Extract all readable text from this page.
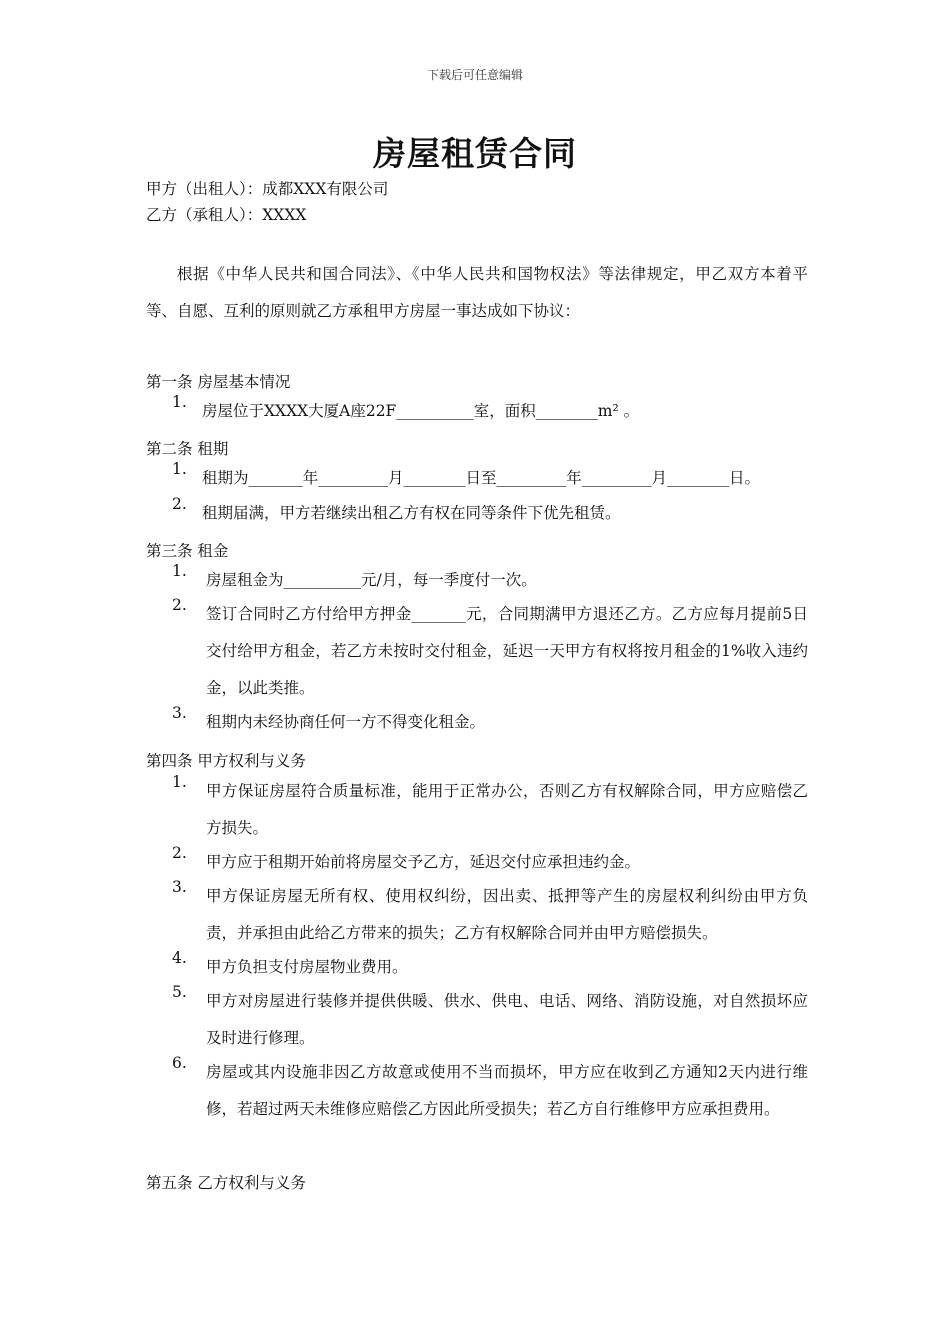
下载后可任意编辑
房屋租赁合同
甲方（出租人）：成都XXX有限公司
乙方（承租人）：XXXX
根据《中华人民共和国合同法》、《中华人民共和国物权法》等法律规定，甲乙双方本着平等、自愿、互利的原则就乙方承租甲方房屋一事达成如下协议：
第一条 房屋基本情况
1. 房屋位于XXXX大厦A座22F__________室，面积________m² 。
第二条 租期
1. 租期为_______年_________月________日至_________年_________月________日。
2. 租期届满，甲方若继续出租乙方有权在同等条件下优先租赁。
第三条 租金
1.	房屋租金为__________元/月，每一季度付一次。
2.	签订合同时乙方付给甲方押金_______元，合同期满甲方退还乙方。乙方应每月提前5日交付给甲方租金，若乙方未按时交付租金，延迟一天甲方有权将按月租金的1%收入违约金，以此类推。
3.	租期内未经协商任何一方不得变化租金。
第四条 甲方权利与义务
1.	甲方保证房屋符合质量标准，能用于正常办公，否则乙方有权解除合同，甲方应赔偿乙方损失。
2.	甲方应于租期开始前将房屋交予乙方，延迟交付应承担违约金。
3.	甲方保证房屋无所有权、使用权纠纷，因出卖、抵押等产生的房屋权利纠纷由甲方负责，并承担由此给乙方带来的损失；乙方有权解除合同并由甲方赔偿损失。
4.	甲方负担支付房屋物业费用。
5.	甲方对房屋进行装修并提供供暖、供水、供电、电话、网络、消防设施，对自然损坏应及时进行修理。
6.	房屋或其内设施非因乙方故意或使用不当而损坏，甲方应在收到乙方通知2天内进行维修，若超过两天未维修应赔偿乙方因此所受损失；若乙方自行维修甲方应承担费用。
第五条 乙方权利与义务
